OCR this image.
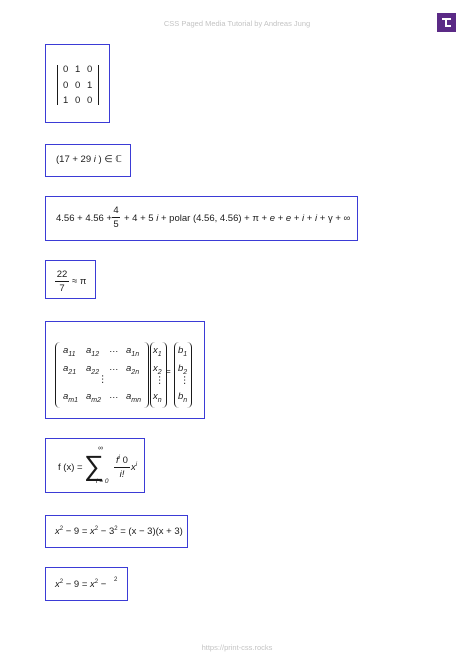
CSS Paged Media Tutorial by Andreas Jung
0 1 0
0 0 1
1 0 0
(17 + 29 i ) ∈ ℂ
4.56 + 4.56 +
4
5 + 4 + 5 i + polar (4.56, 4.56) + π + e + e + i + i + γ + ∞
22
7
≈ π
$a_{11}$ $a_{12}$ … $a_{1n}$
$a_{21}$ $a_{22}$ … $a_{2n}$
⋮
$a_{m1}$ $a_{m2}$ … $a_{mn}$
$x_1$
$x_2$
⋮
$x_n$
=
$b_1$
$b_2$
⋮
$b_n$
f (x) = ∑
∞
i = 0
$f^i$ 0
i!
$x^i$
$x^2 - 9 = x^2 - 3^2 = (x - 3)(x + 3)$
$x^2 - 9 = x^2 - 2$
https://print-css.rocks
